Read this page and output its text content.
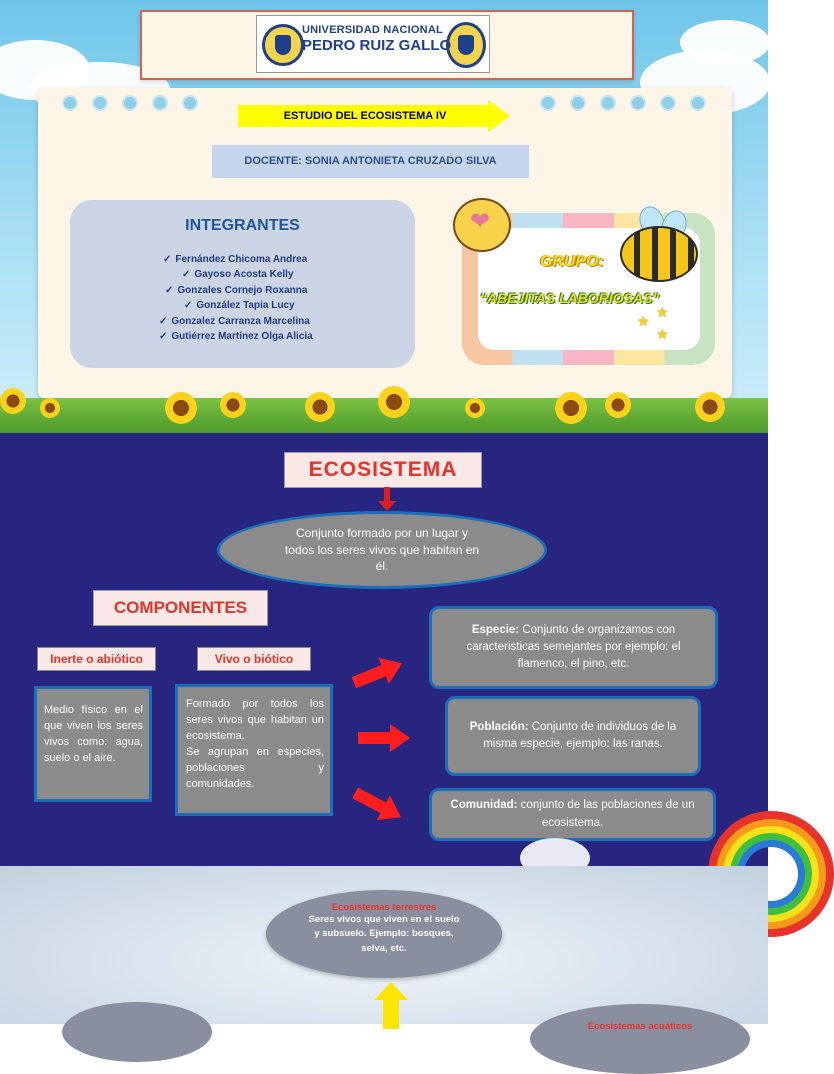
UNIVERSIDAD NACIONAL
PEDRO RUIZ GALLO
ESTUDIO DEL ECOSISTEMA IV
DOCENTE: SONIA ANTONIETA CRUZADO SILVA
INTEGRANTES
✓ Fernández Chicoma Andrea
✓ Gayoso Acosta Kelly
✓ Gonzales Cornejo Roxanna
✓ González Tapia Lucy
✓ Gonzalez Carranza Marcelina
✓ Gutiérrez Martínez Olga Alicia
❤
GRUPO:
“ABEJITAS LABORIOSAS”
★
★
★
ECOSISTEMA
Conjunto formado por un lugar y todos los seres vivos que habitan en él.
COMPONENTES
Inerte o abiótico	Vivo o biótico
Medio físico en el que viven los seres vivos como: agua, suelo o el aire.
Formado por todos los seres vivos que habitan un ecosistema.
Se agrupan en especies, poblaciones y comunidades.
Especie: Conjunto de organizamos con caracteristicas semejantes por ejemplo: el flamenco, el pino, etc.
Población: Conjunto de individuos de la misma especie, ejemplo: las ranas.
Comunidad: conjunto de las poblaciones de un ecosistema.
Ecosistemas terrestres
Seres vivos que viven en el suelo y subsuelo. Ejemplo: bosques, selva, etc.
Ecosistemas acuáticos
